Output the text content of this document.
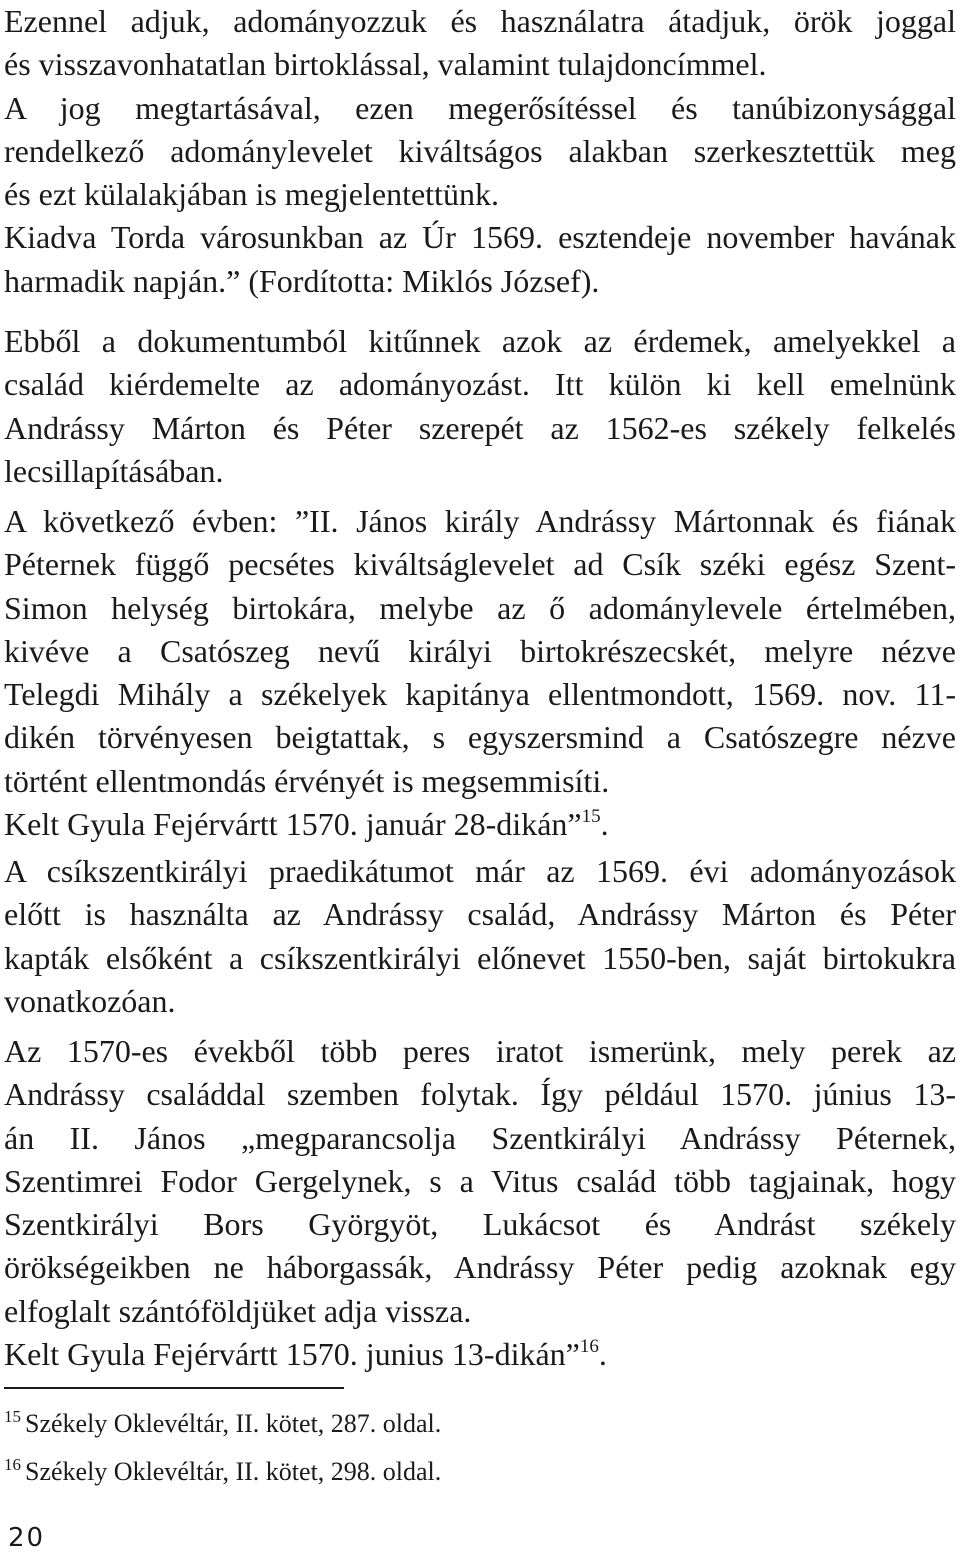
Ezennel adjuk, adományozzuk és használatra átadjuk, örök joggal
és visszavonhatatlan birtoklással, valamint tulajdoncímmel.
A jog megtartásával, ezen megerősítéssel és tanúbizonysággal
rendelkező adománylevelet kiváltságos alakban szerkesztettük meg
és ezt külalakjában is megjelentettünk.
Kiadva Torda városunkban az Úr 1569. esztendeje november havának
harmadik napján.” (Fordította: Miklós József).
Ebből a dokumentumból kitűnnek azok az érdemek, amelyekkel a
család kiérdemelte az adományozást. Itt külön ki kell emelnünk
Andrássy Márton és Péter szerepét az 1562-es székely felkelés
lecsillapításában.
A következő évben: ”II. János király Andrássy Mártonnak és fiának
Péternek függő pecsétes kiváltságlevelet ad Csík széki egész Szent-
Simon helység birtokára, melybe az ő adománylevele értelmében,
kivéve a Csatószeg nevű királyi birtokrészecskét, melyre nézve
Telegdi Mihály a székelyek kapitánya ellentmondott, 1569. nov. 11-
dikén törvényesen beigtattak, s egyszersmind a Csatószegre nézve
történt ellentmondás érvényét is megsemmisíti.
Kelt Gyula Fejérvártt 1570. január 28-dikán”$^{15}$.
A csíkszentkirályi praedikátumot már az 1569. évi adományozások
előtt is használta az Andrássy család, Andrássy Márton és Péter
kapták elsőként a csíkszentkirályi előnevet 1550-ben, saját birtokukra
vonatkozóan.
Az 1570-es évekből több peres iratot ismerünk, mely perek az
Andrássy családdal szemben folytak. Így például 1570. június 13-
án II. János „megparancsolja Szentkirályi Andrássy Péternek,
Szentimrei Fodor Gergelynek, s a Vitus család több tagjainak, hogy
Szentkirályi Bors Györgyöt, Lukácsot és Andrást székely
örökségeikben ne háborgassák, Andrássy Péter pedig azoknak egy
elfoglalt szántóföldjüket adja vissza.
Kelt Gyula Fejérvártt 1570. junius 13-dikán”$^{16}$.
$^{15}$ Székely Oklevéltár, II. kötet, 287. oldal.
$^{16}$ Székely Oklevéltár, II. kötet, 298. oldal.
20
